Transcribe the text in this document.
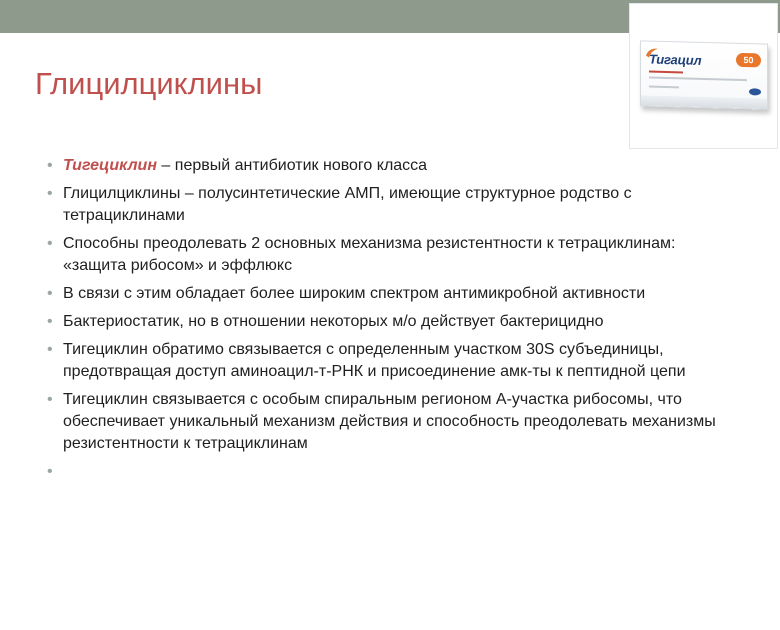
Глицилциклины
Тигацил	50
• Тигециклин – первый антибиотик нового класса
• Глицилциклины – полусинтетические АМП, имеющие структурное родство с тетрациклинами
• Способны преодолевать 2 основных механизма резистентности к тетрациклинам: «защита рибосом» и эффлюкс
• В связи с этим обладает более широким спектром антимикробной активности
• Бактериостатик, но в отношении некоторых м/о действует бактерицидно
• Тигециклин обратимо связывается с определенным участком 30S субъединицы, предотвращая доступ аминоацил-т-РНК и присоединение амк-ты к пептидной цепи
• Тигециклин связывается с особым спиральным регионом А-участка рибосомы, что обеспечивает уникальный механизм действия и способность преодолевать механизмы резистентности к тетрациклинам
•
